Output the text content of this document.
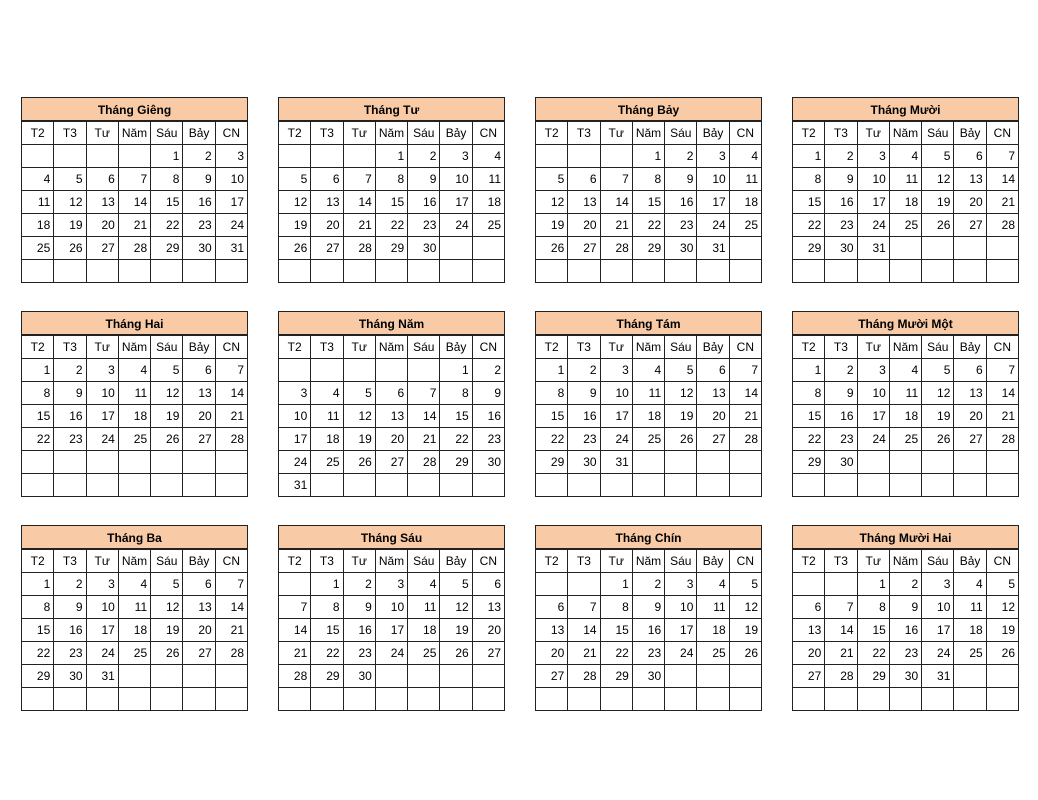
Tháng Giêng
T2	T3	Tư	Năm	Sáu	Bảy	CN
				1	2	3
4	5	6	7	8	9	10
11	12	13	14	15	16	17
18	19	20	21	22	23	24
25	26	27	28	29	30	31

Tháng Tư
T2	T3	Tư	Năm	Sáu	Bảy	CN
			1	2	3	4
5	6	7	8	9	10	11
12	13	14	15	16	17	18
19	20	21	22	23	24	25
26	27	28	29	30		

Tháng Bảy
T2	T3	Tư	Năm	Sáu	Bảy	CN
			1	2	3	4
5	6	7	8	9	10	11
12	13	14	15	16	17	18
19	20	21	22	23	24	25
26	27	28	29	30	31	

Tháng Mười
T2	T3	Tư	Năm	Sáu	Bảy	CN
1	2	3	4	5	6	7
8	9	10	11	12	13	14
15	16	17	18	19	20	21
22	23	24	25	26	27	28
29	30	31				

Tháng Hai
T2	T3	Tư	Năm	Sáu	Bảy	CN
1	2	3	4	5	6	7
8	9	10	11	12	13	14
15	16	17	18	19	20	21
22	23	24	25	26	27	28

Tháng Năm
T2	T3	Tư	Năm	Sáu	Bảy	CN
					1	2
3	4	5	6	7	8	9
10	11	12	13	14	15	16
17	18	19	20	21	22	23
24	25	26	27	28	29	30
31						
Tháng Tám
T2	T3	Tư	Năm	Sáu	Bảy	CN
1	2	3	4	5	6	7
8	9	10	11	12	13	14
15	16	17	18	19	20	21
22	23	24	25	26	27	28
29	30	31				

Tháng Mười Một
T2	T3	Tư	Năm	Sáu	Bảy	CN
1	2	3	4	5	6	7
8	9	10	11	12	13	14
15	16	17	18	19	20	21
22	23	24	25	26	27	28
29	30					

Tháng Ba
T2	T3	Tư	Năm	Sáu	Bảy	CN
1	2	3	4	5	6	7
8	9	10	11	12	13	14
15	16	17	18	19	20	21
22	23	24	25	26	27	28
29	30	31				

Tháng Sáu
T2	T3	Tư	Năm	Sáu	Bảy	CN
	1	2	3	4	5	6
7	8	9	10	11	12	13
14	15	16	17	18	19	20
21	22	23	24	25	26	27
28	29	30				

Tháng Chín
T2	T3	Tư	Năm	Sáu	Bảy	CN
		1	2	3	4	5
6	7	8	9	10	11	12
13	14	15	16	17	18	19
20	21	22	23	24	25	26
27	28	29	30			

Tháng Mười Hai
T2	T3	Tư	Năm	Sáu	Bảy	CN
		1	2	3	4	5
6	7	8	9	10	11	12
13	14	15	16	17	18	19
20	21	22	23	24	25	26
27	28	29	30	31		
